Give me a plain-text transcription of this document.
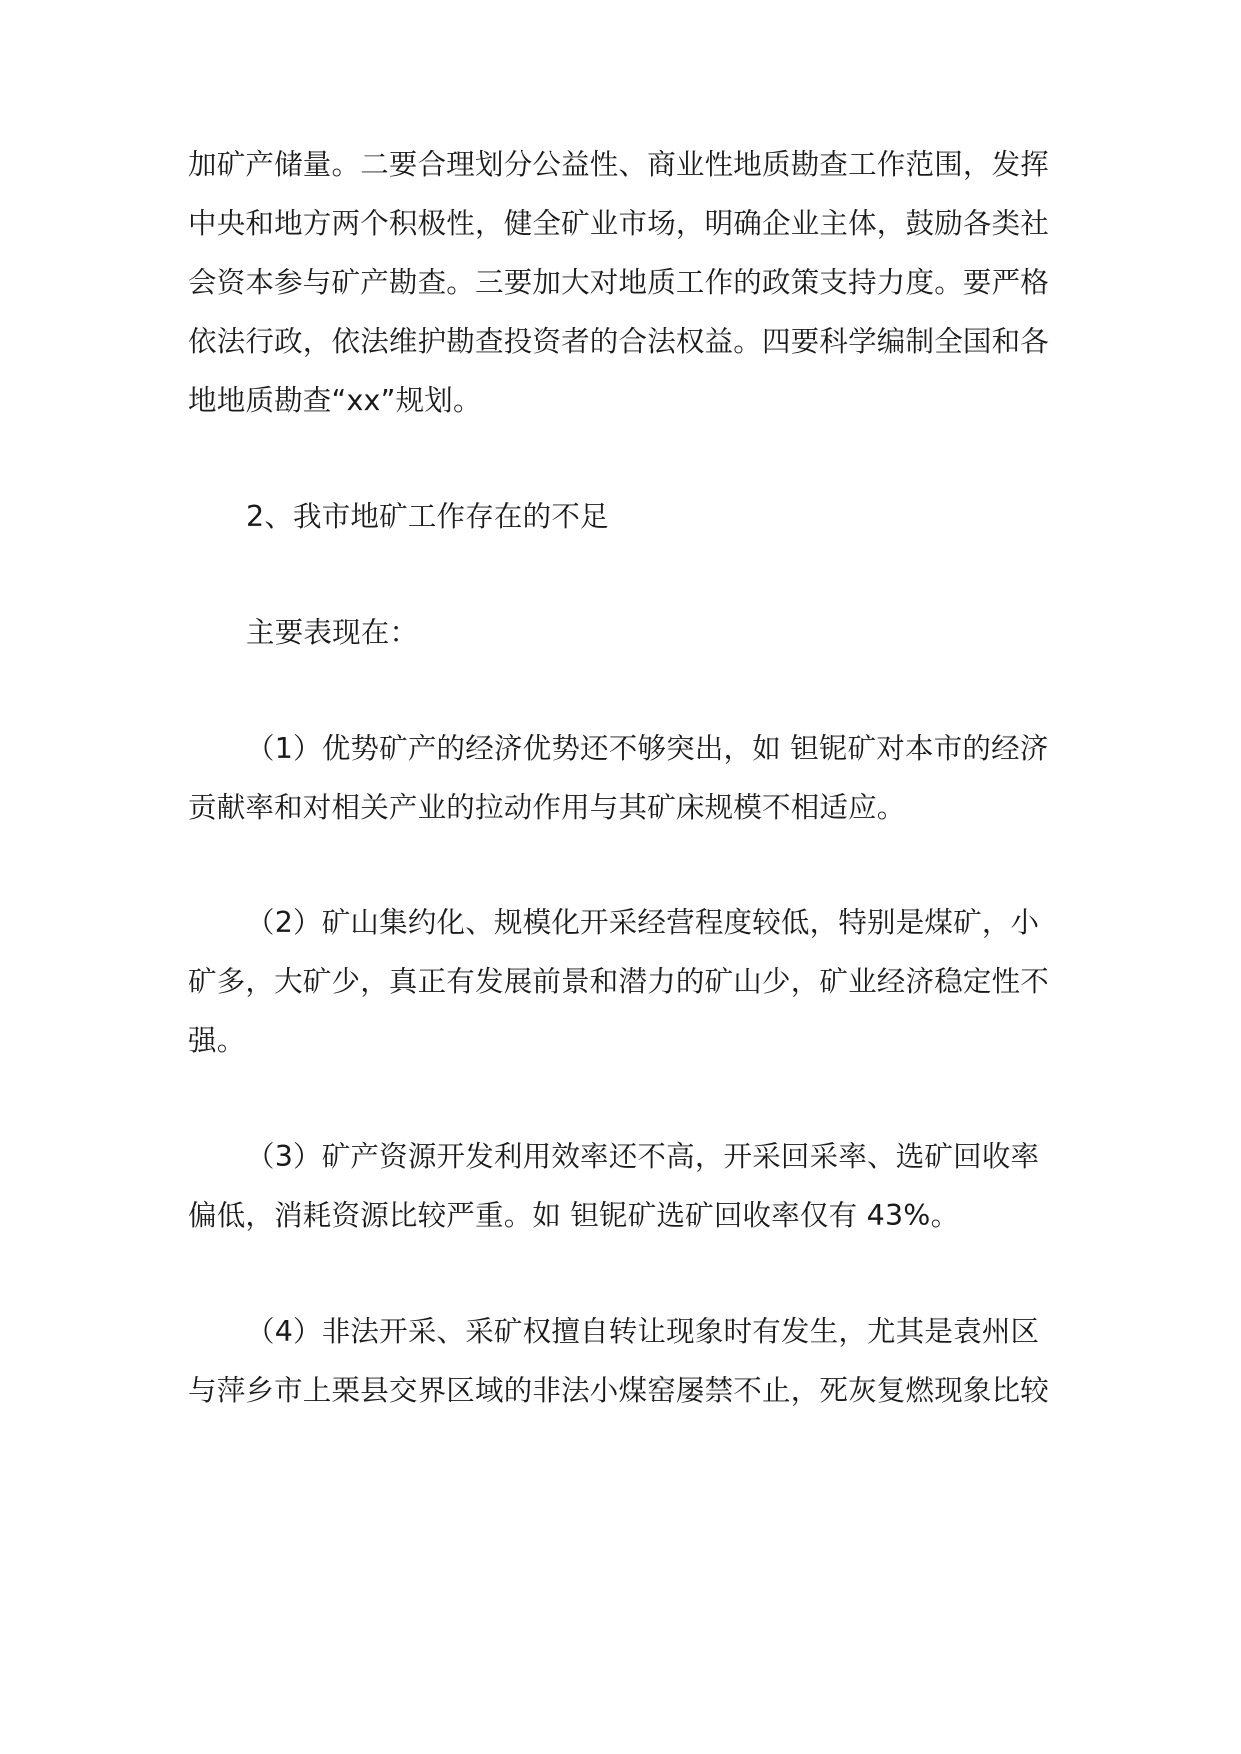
加矿产储量。二要合理划分公益性、商业性地质勘查工作范围，发挥
中央和地方两个积极性，健全矿业市场，明确企业主体，鼓励各类社
会资本参与矿产勘查。三要加大对地质工作的政策支持力度。要严格
依法行政，依法维护勘查投资者的合法权益。四要科学编制全国和各
地地质勘查“xx”规划。
2、我市地矿工作存在的不足
主要表现在：
（1）优势矿产的经济优势还不够突出，如 钽铌矿对本市的经济
贡献率和对相关产业的拉动作用与其矿床规模不相适应。
（2）矿山集约化、规模化开采经营程度较低，特别是煤矿，小
矿多，大矿少，真正有发展前景和潜力的矿山少，矿业经济稳定性不
强。
（3）矿产资源开发利用效率还不高，开采回采率、选矿回收率
偏低，消耗资源比较严重。如 钽铌矿选矿回收率仅有 43%。
（4）非法开采、采矿权擅自转让现象时有发生，尤其是袁州区
与萍乡市上栗县交界区域的非法小煤窑屡禁不止，死灰复燃现象比较
